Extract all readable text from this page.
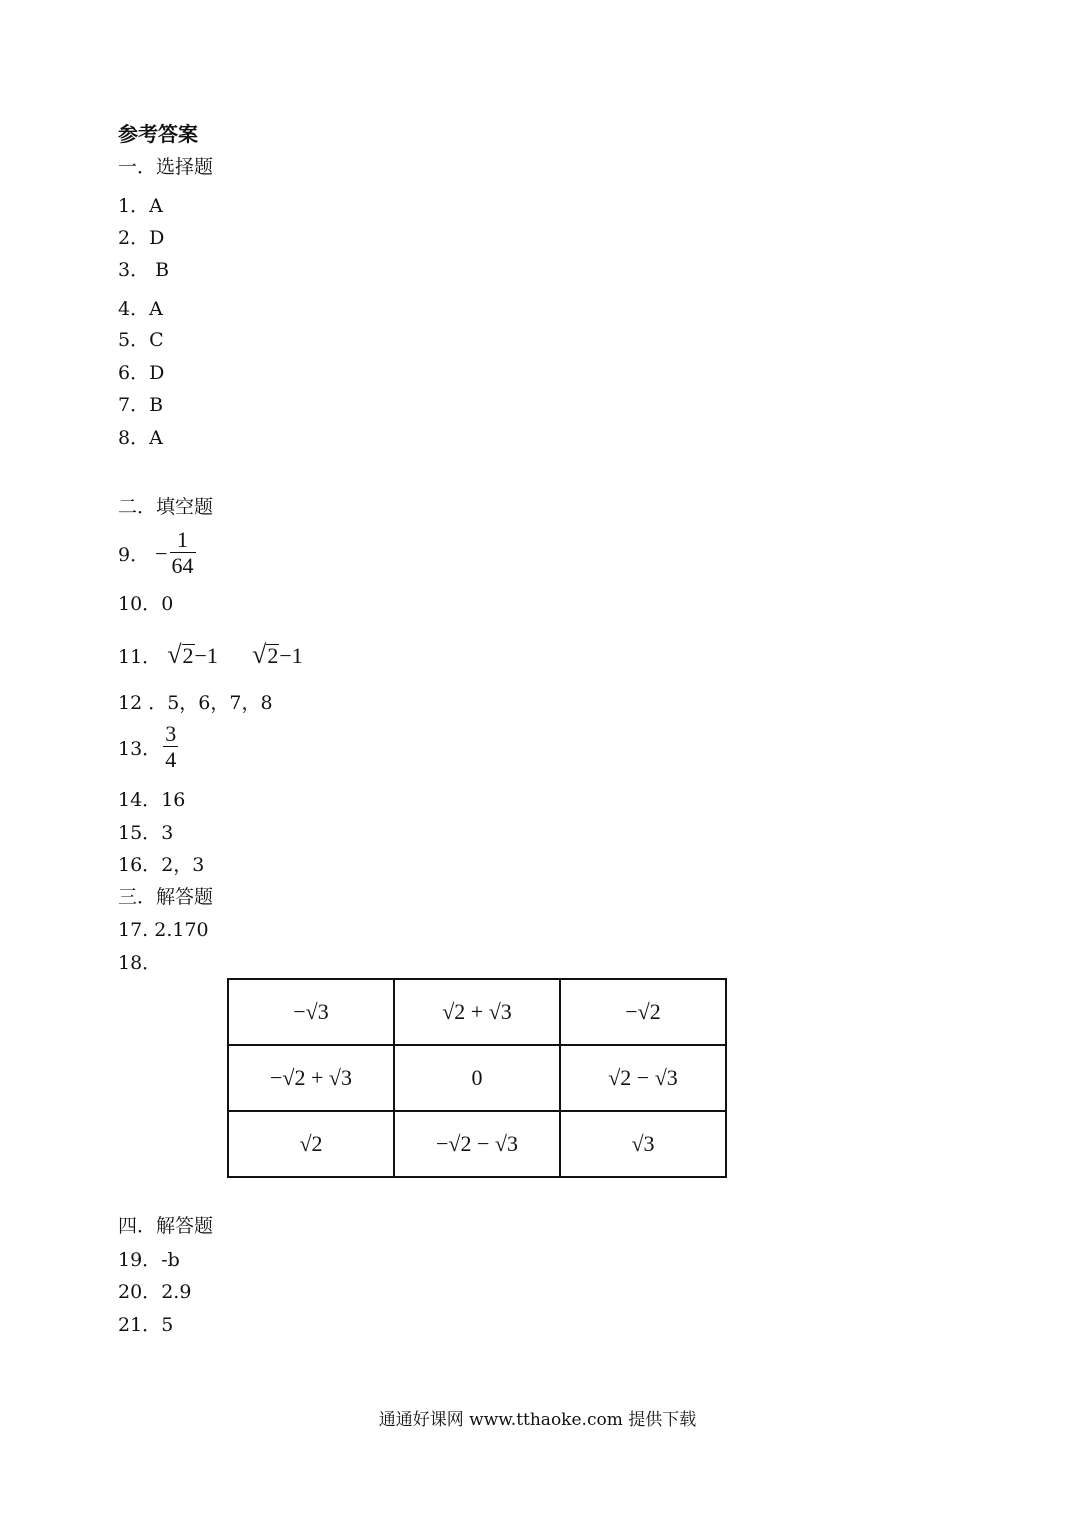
参考答案
一．选择题
1．A
2．D
3． B
4．A
5．C
6．D
7．B
8．A
二．填空题
9． − $\frac{1}{64}$
10．0
11． √ 2 −1 √ 2 −1
12 ．5，6，7，8
13． $\frac{3}{4}$
14．16
15．3
16．2，3
三．解答题
17. 2.170
18．
−√3	√2 + √3	−√2
−√2 + √3	0	√2 − √3
√2	−√2 − √3	√3
四．解答题
19．-b
20．2.9
21．5
通通好课网 www.tthaoke.com 提供下载
